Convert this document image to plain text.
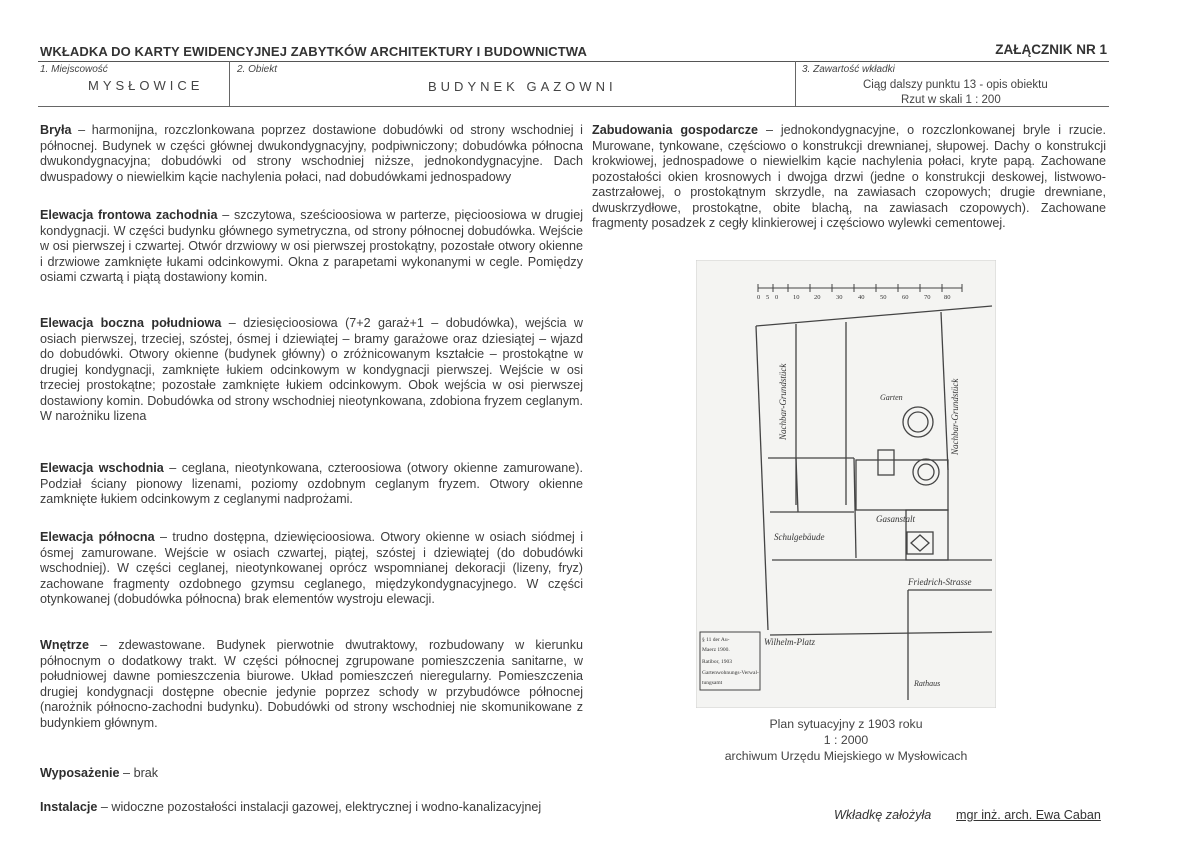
WKŁADKA DO KARTY EWIDENCYJNEJ ZABYTKÓW ARCHITEKTURY I BUDOWNICTWA	ZAŁĄCZNIK NR 1
1. Miejscowość
MYSŁOWICE
2. Obiekt
BUDYNEK GAZOWNI
3. Zawartość wkładki
Ciąg dalszy punktu 13 - opis obiektu
Rzut w skali 1 : 200
Bryła – harmonijna, rozczlonkowana poprzez dostawione dobudówki od strony wschodniej i północnej. Budynek w części głównej dwukondygnacyjny, podpiwniczony; dobudówka północna dwukondygnacyjna; dobudówki od strony wschodniej niższe, jednokondygnacyjne. Dach dwuspadowy o niewielkim kącie nachylenia połaci, nad dobudówkami jednospadowy
Elewacja frontowa zachodnia – szczytowa, sześcioosiowa w parterze, pięcioosiowa w drugiej kondygnacji. W części budynku głównego symetryczna, od strony północnej dobudówka. Wejście w osi pierwszej i czwartej. Otwór drzwiowy w osi pierwszej prostokątny, pozostałe otwory okienne i drzwiowe zamknięte łukami odcinkowymi. Okna z parapetami wykonanymi w cegle. Pomiędzy osiami czwartą i piątą dostawiony komin.
Elewacja boczna południowa – dziesięcioosiowa (7+2 garaż+1 – dobudówka), wejścia w osiach pierwszej, trzeciej, szóstej, ósmej i dziewiątej – bramy garażowe oraz dziesiątej – wjazd do dobudówki. Otwory okienne (budynek główny) o zróżnicowanym kształcie – prostokątne w drugiej kondygnacji, zamknięte łukiem odcinkowym w kondygnacji pierwszej. Wejście w osi trzeciej prostokątne; pozostałe zamknięte łukiem odcinkowym. Obok wejścia w osi pierwszej dostawiony komin. Dobudówka od strony wschodniej nieotynkowana, zdobiona fryzem ceglanym. W narożniku lizena
Elewacja wschodnia – ceglana, nieotynkowana, czteroosiowa (otwory okienne zamurowane). Podział ściany pionowy lizenami, poziomy ozdobnym ceglanym fryzem. Otwory okienne zamknięte łukiem odcinkowym z ceglanymi nadprożami.
Elewacja północna – trudno dostępna, dziewięcioosiowa. Otwory okienne w osiach siódmej i ósmej zamurowane. Wejście w osiach czwartej, piątej, szóstej i dziewiątej (do dobudówki wschodniej). W części ceglanej, nieotynkowanej oprócz wspomnianej dekoracji (lizeny, fryz) zachowane fragmenty ozdobnego gzymsu ceglanego, międzykondygnacyjnego. W części otynkowanej (dobudówka północna) brak elementów wystroju elewacji.
Wnętrze – zdewastowane. Budynek pierwotnie dwutraktowy, rozbudowany w kierunku północnym o dodatkowy trakt. W części północnej zgrupowane pomieszczenia sanitarne, w południowej dawne pomieszczenia biurowe. Układ pomieszczeń nieregularny. Pomieszczenia drugiej kondygnacji dostępne obecnie jedynie poprzez schody w przybudówce północnej (narożnik północno-zachodni budynku). Dobudówki od strony wschodniej nie skomunikowane z budynkiem głównym.
Wyposażenie – brak
Instalacje – widoczne pozostałości instalacji gazowej, elektrycznej i wodno-kanalizacyjnej
Zabudowania gospodarcze – jednokondygnacyjne, o rozczlonkowanej bryle i rzucie. Murowane, tynkowane, częściowo o konstrukcji drewnianej, słupowej. Dachy o konstrukcji krokwiowej, jednospadowe o niewielkim kącie nachylenia połaci, kryte papą. Zachowane pozostałości okien krosnowych i dwojga drzwi (jedne o konstrukcji deskowej, listwowo-zastrzałowej, o prostokątnym skrzydle, na zawiasach czopowych; drugie drewniane, dwuskrzydłowe, prostokątne, obite blachą, na zawiasach czopowych). Zachowane fragmenty posadzek z cegły klinkierowej i częściowo wylewki cementowej.
0 5 0 10 20 30 40 50 60 70 80
Nachbar-Grundstück	Nachbar-Grundstück
Garten
Gasanstalt
Schulgebäude
Friedrich-Strasse
Wilhelm-Platz
Rathaus
§ 11 der Au-
Maerz 1900.
Ratibor, 1903
Gartenwohnungs-Verwal-
tungsamt
Plan sytuacyjny z 1903 roku
1 : 2000
archiwum Urzędu Miejskiego w Mysłowicach
Wkładkę założyła mgr inż. arch. Ewa Caban
